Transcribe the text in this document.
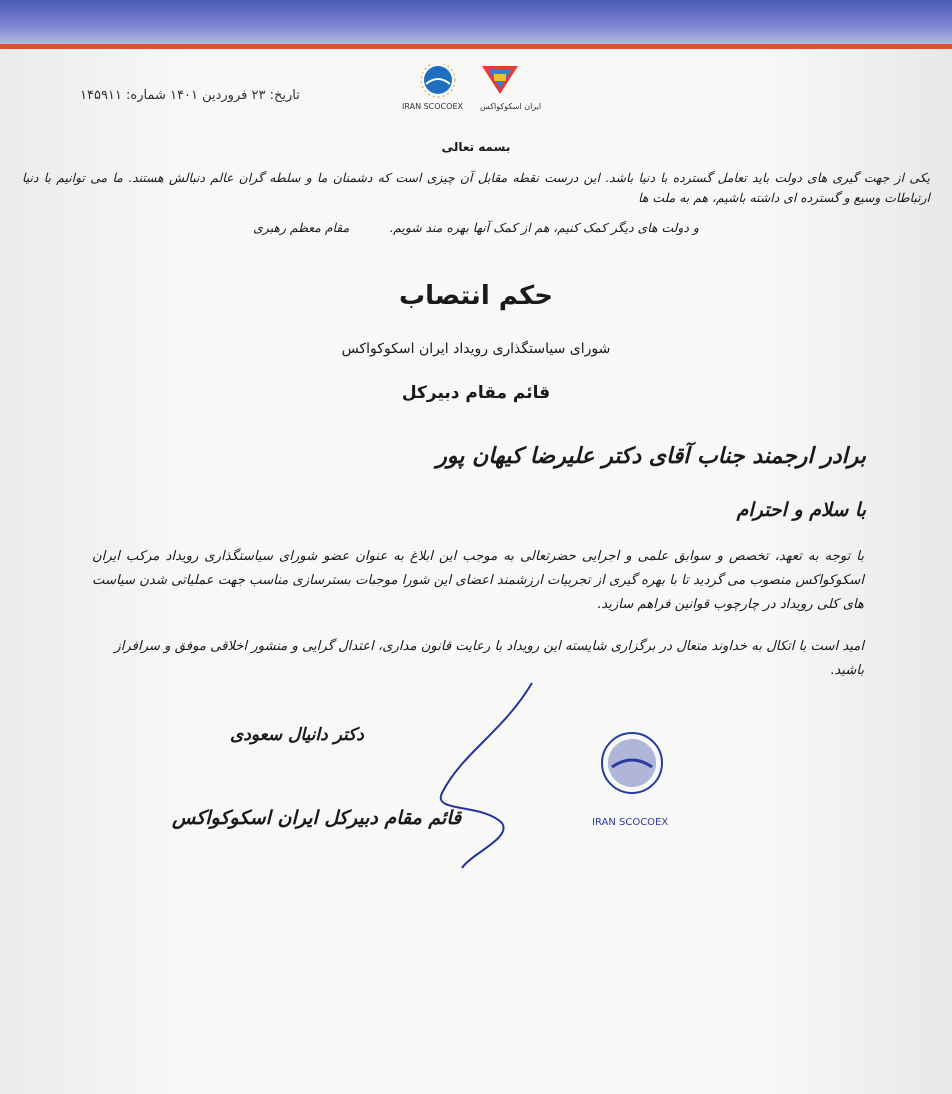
تاریخ: ۲۳ فروردین ۱۴۰۱ شماره: ۱۴۵۹۱۱
ایران اسکوکواکس
IRAN SCOCOEX
بسمه تعالی

یکی از جهت گیری های دولت باید تعامل گسترده با دنیا باشد. این درست نقطه مقابل آن چیزی است که دشمنان ما و سلطه گران عالم دنبالش هستند. ما می توانیم با دنیا ارتباطات وسیع و گسترده ای داشته باشیم، هم به ملت ها

و دولت های دیگر کمک کنیم، هم از کمک آنها بهره مند شویم.
مقام معظم رهبری
حکم انتصاب
شورای سیاستگذاری رویداد ایران اسکوکواکس
قائم مقام دبیرکل
برادر ارجمند جناب آقای دکتر علیرضا کیهان پور
با سلام و احترام
با توجه به تعهد، تخصص و سوابق علمی و اجرایی حضرتعالی به موجب این ابلاغ به عنوان عضو شورای سیاستگذاری رویداد مرکب ایران اسکوکواکس منصوب می گردید تا با بهره گیری از تجربیات ارزشمند اعضای این شورا موجبات بسترسازی مناسب جهت عملیاتی شدن سیاست های کلی رویداد در چارچوب قوانین فراهم سازید.
امید است با اتکال به خداوند متعال در برگزاری شایسته این رویداد با رعایت قانون مداری، اعتدال گرایی و منشور اخلاقی موفق و سرافراز باشید.
IRAN SCOCOEX
دکتر دانیال سعودی
قائم مقام دبیرکل ایران اسکوکواکس
